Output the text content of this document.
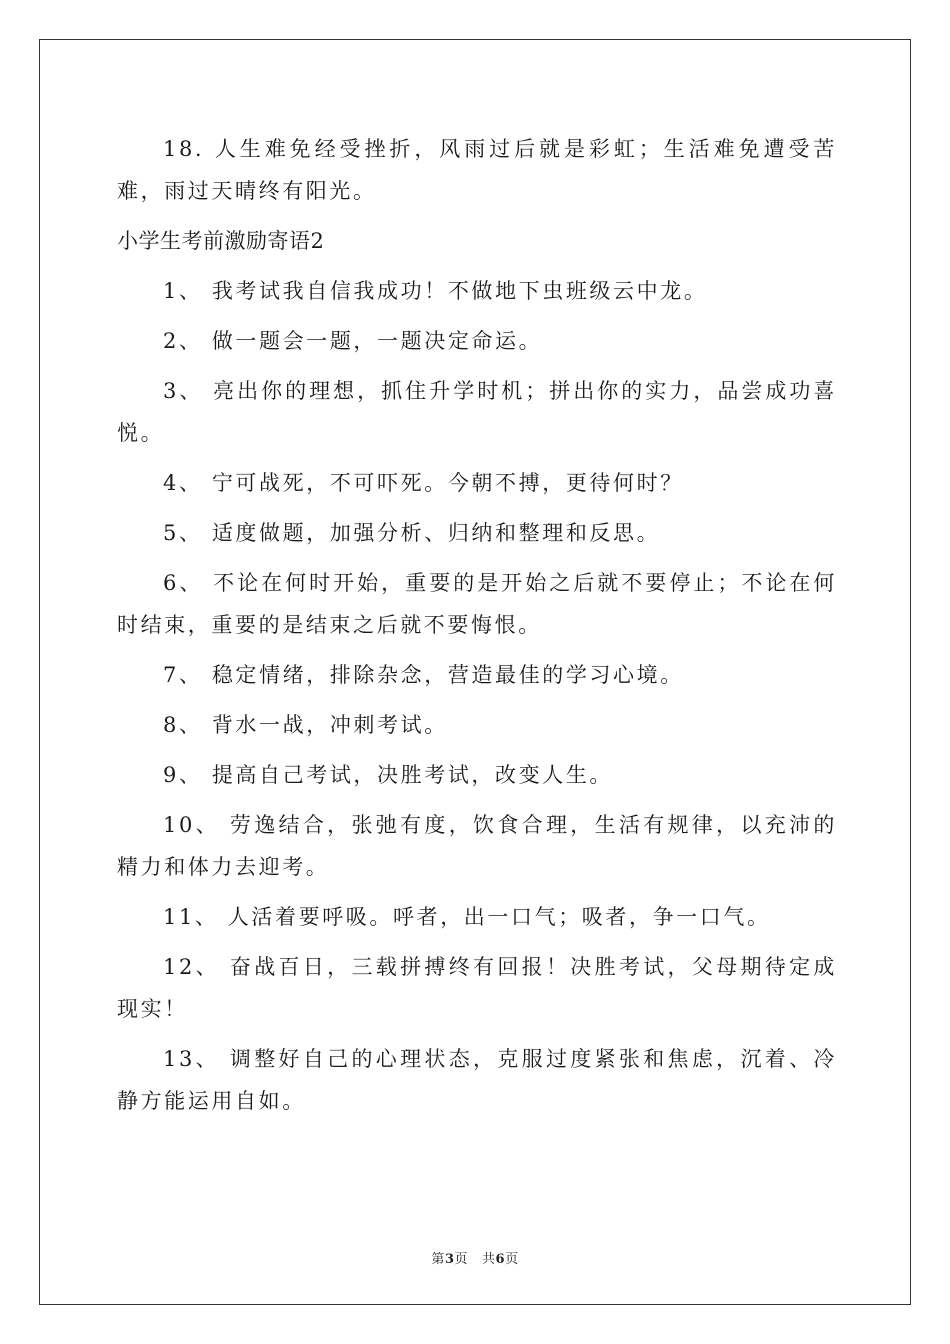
18. 人生难免经受挫折，风雨过后就是彩虹；生活难免遭受苦难，雨过天晴终有阳光。

小学生考前激励寄语2

1、 我考试我自信我成功！不做地下虫班级云中龙。

2、 做一题会一题，一题决定命运。

3、 亮出你的理想，抓住升学时机；拼出你的实力，品尝成功喜悦。

4、 宁可战死，不可吓死。今朝不搏，更待何时？

5、 适度做题，加强分析、归纳和整理和反思。

6、 不论在何时开始，重要的是开始之后就不要停止；不论在何时结束，重要的是结束之后就不要悔恨。

7、 稳定情绪，排除杂念，营造最佳的学习心境。

8、 背水一战，冲刺考试。

9、 提高自己考试，决胜考试，改变人生。

10、 劳逸结合，张弛有度，饮食合理，生活有规律，以充沛的精力和体力去迎考。

11、 人活着要呼吸。呼者，出一口气；吸者，争一口气。

12、 奋战百日，三载拼搏终有回报！决胜考试，父母期待定成现实！

13、 调整好自己的心理状态，克服过度紧张和焦虑，沉着、冷静方能运用自如。

第3页 共6页
